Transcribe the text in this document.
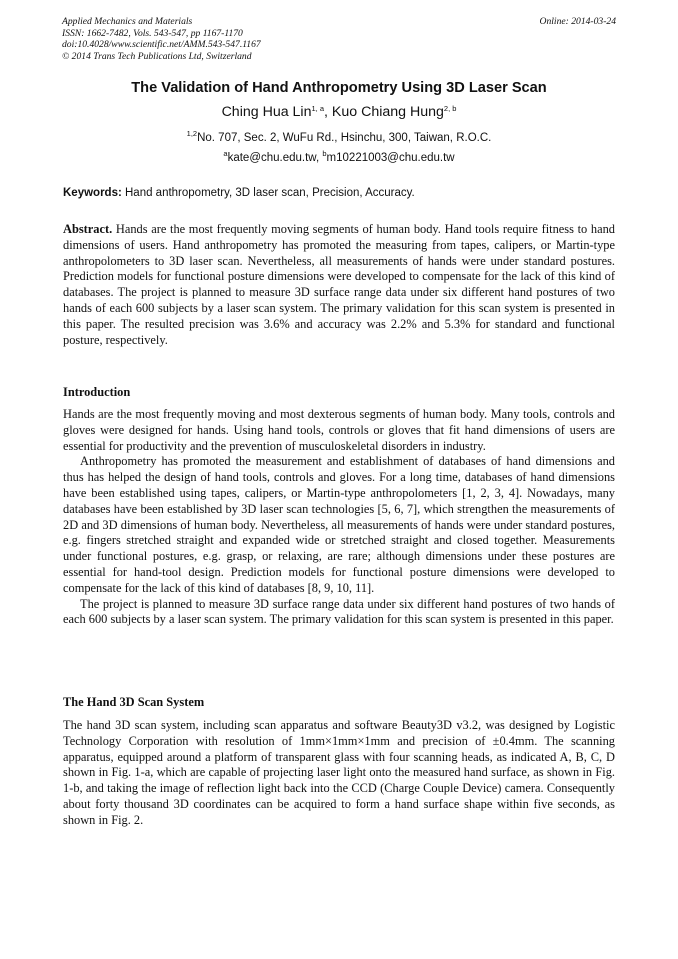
Applied Mechanics and Materials
ISSN: 1662-7482, Vols. 543-547, pp 1167-1170
doi:10.4028/www.scientific.net/AMM.543-547.1167
© 2014 Trans Tech Publications Ltd, Switzerland
Online: 2014-03-24
The Validation of Hand Anthropometry Using 3D Laser Scan
Ching Hua Lin$^{1, a}$, Kuo Chiang Hung$^{2, b}$
$^{1,2}$No. 707, Sec. 2, WuFu Rd., Hsinchu, 300, Taiwan, R.O.C.
$^a$kate@chu.edu.tw, $^b$m10221003@chu.edu.tw
Keywords: Hand anthropometry, 3D laser scan, Precision, Accuracy.

Abstract. Hands are the most frequently moving segments of human body. Hand tools require fitness to hand dimensions of users. Hand anthropometry has promoted the measuring from tapes, calipers, or Martin-type anthropolometers to 3D laser scan. Nevertheless, all measurements of hands were under standard postures. Prediction models for functional posture dimensions were developed to compensate for the lack of this kind of databases. The project is planned to measure 3D surface range data under six different hand postures of two hands of each 600 subjects by a laser scan system. The primary validation for this scan system is presented in this paper. The resulted precision was 3.6% and accuracy was 2.2% and 5.3% for standard and functional posture, respectively.

Introduction

Hands are the most frequently moving and most dexterous segments of human body. Many tools, controls and gloves were designed for hands. Using hand tools, controls or gloves that fit hand dimensions of users are essential for productivity and the prevention of musculoskeletal disorders in industry.

Anthropometry has promoted the measurement and establishment of databases of hand dimensions and thus has helped the design of hand tools, controls and gloves. For a long time, databases of hand dimensions have been established using tapes, calipers, or Martin-type anthropolometers [1, 2, 3, 4]. Nowadays, many databases have been established by 3D laser scan technologies [5, 6, 7], which strengthen the measurements of 2D and 3D dimensions of human body. Nevertheless, all measurements of hands were under standard postures, e.g. fingers stretched straight and expanded wide or stretched straight and closed together. Measurements under functional postures, e.g. grasp, or relaxing, are rare; although dimensions under these postures are essential for hand-tool design. Prediction models for functional posture dimensions were developed to compensate for the lack of this kind of databases [8, 9, 10, 11].

The project is planned to measure 3D surface range data under six different hand postures of two hands of each 600 subjects by a laser scan system. The primary validation for this scan system is presented in this paper.

The Hand 3D Scan System

The hand 3D scan system, including scan apparatus and software Beauty3D v3.2, was designed by Logistic Technology Corporation with resolution of 1mm×1mm×1mm and precision of ±0.4mm. The scanning apparatus, equipped around a platform of transparent glass with four scanning heads, as indicated A, B, C, D shown in Fig. 1-a, which are capable of projecting laser light onto the measured hand surface, as shown in Fig. 1-b, and taking the image of reflection light back into the CCD (Charge Couple Device) camera. Consequently about forty thousand 3D coordinates can be acquired to form a hand surface shape within five seconds, as shown in Fig. 2.
